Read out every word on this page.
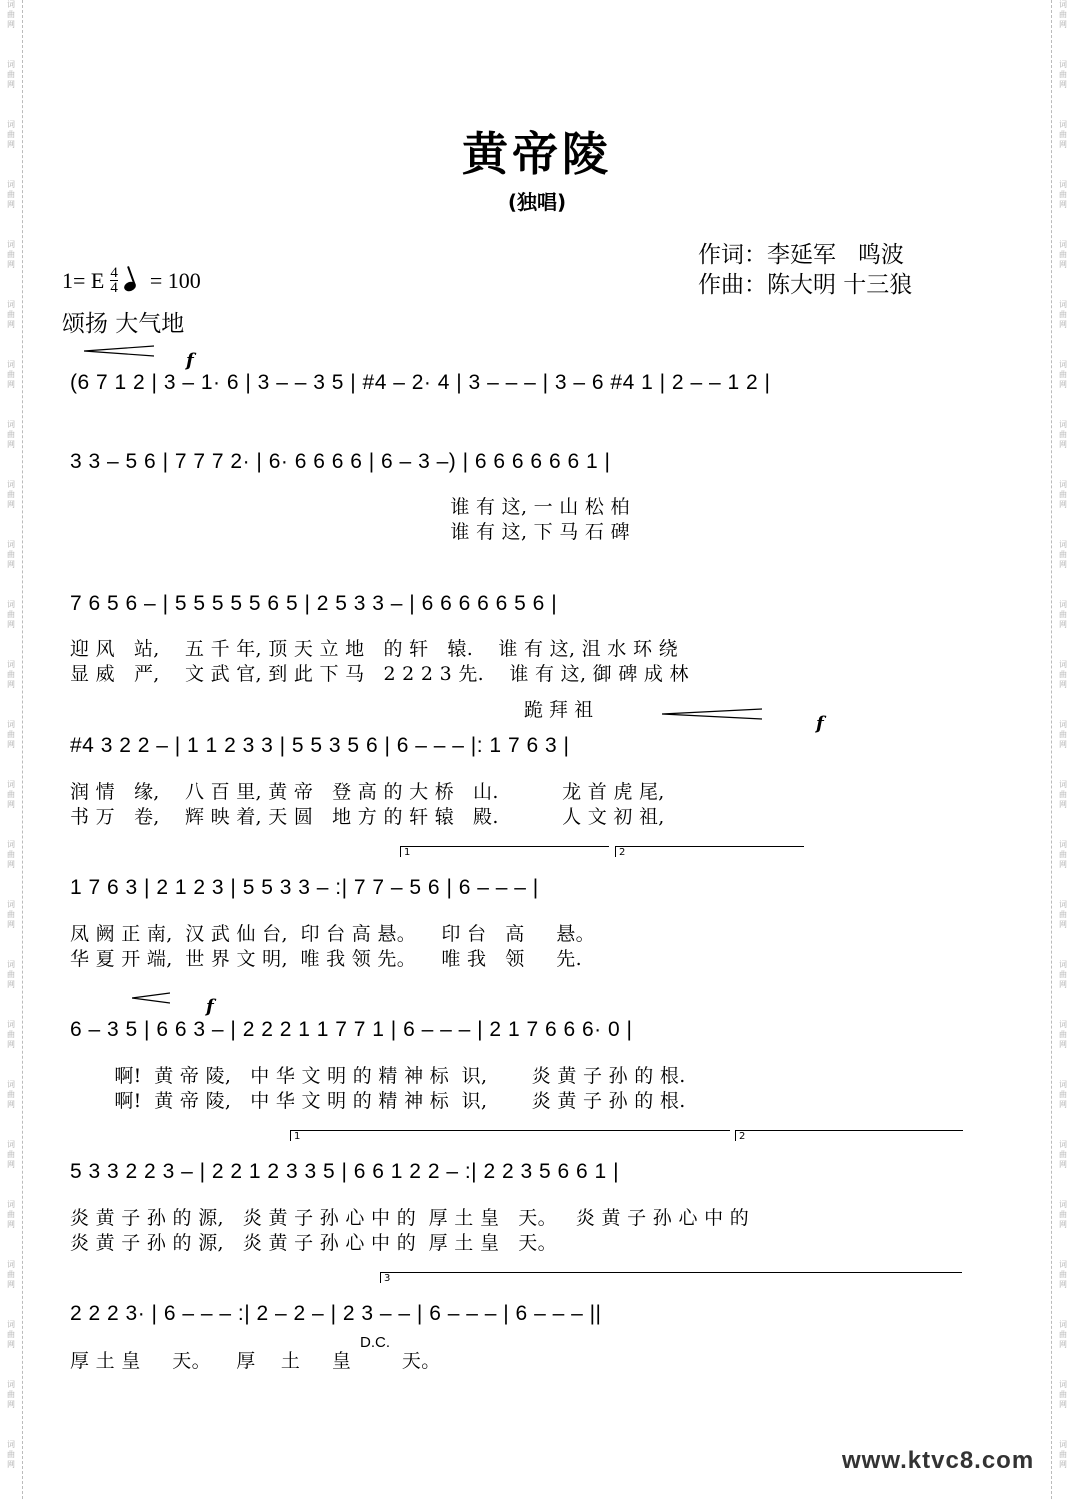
词 曲 网
词 曲 网
词 曲 网
词 曲 网
词 曲 网
词 曲 网
词 曲 网
词 曲 网
词 曲 网
词 曲 网
词 曲 网
词 曲 网
词 曲 网
词 曲 网
词 曲 网
词 曲 网
词 曲 网
词 曲 网
词 曲 网
词 曲 网
词 曲 网
词 曲 网
词 曲 网
词 曲 网
词 曲 网
词 曲 网
词 曲 网
词 曲 网
词 曲 网
词 曲 网
词 曲 网
词 曲 网
词 曲 网
词 曲 网
词 曲 网
词 曲 网
词 曲 网
词 曲 网
词 曲 网
词 曲 网
词 曲 网
词 曲 网
词 曲 网
词 曲 网
词 曲 网
词 曲 网
词 曲 网
词 曲 网
词 曲 网
词 曲 网
黄帝陵
(独唱)
作词：李延军   鸣波
作曲：陈大明 十三狼
1= E $\frac{4}{4} = 100$
颂扬 大气地
f
(6 7 1 2 | 3 – 1· 6 | 3 – – 3 5 | #4 – 2· 4 | 3 – – – | 3 – 6 #4 1 | 2 – – 1 2 |
3 3 – 5 6 | 7 7 7 2· | 6· 6 6 6 6 | 6 – 3 –) | 6 6 6 6 6 6 1 |
谁 有 这, 一 山 松 柏
谁 有 这, 下 马 石 碑
7 6 5 6 – | 5 5 5 5 5 6 5 | 2 5 3 3 – | 6 6 6 6 6 5 6 |
迎 风   站,    五 千 年, 顶 天 立 地   的 轩   辕.    谁 有 这, 沮 水 环 绕
显 威   严,    文 武 官, 到 此 下 马   2 2 2 3 先.    谁 有 这, 御 碑 成 林
跪 拜 祖
f
#4 3 2 2 – | 1 1 2 3 3 | 5 5 3 5 6 | 6 – – – |: 1 7 6 3 |
润 情   缘,    八 百 里, 黄 帝   登 高 的 大 桥   山.          龙 首 虎 尾,
书 万   卷,    辉 映 着, 天 圆   地 方 的 轩 辕   殿.          人 文 初 祖,
1	2
1 7 6 3 | 2 1 2 3 | 5 5 3 3 – :| 7 7 – 5 6 | 6 – – – |
凤 阙 正 南,  汉 武 仙 台,  印 台 高 悬。    印 台   高     悬。
华 夏 开 端,  世 界 文 明,  唯 我 领 先。    唯 我   领     先.
f
6 – 3 5 | 6 6 3 – | 2 2 2 1 1 7 7 1 | 6 – – – | 2 1 7 6 6 6· 0 |
啊!  黄 帝 陵,   中 华 文 明 的 精 神 标  识,       炎 黄 子 孙 的 根.
啊!  黄 帝 陵,   中 华 文 明 的 精 神 标  识,       炎 黄 子 孙 的 根.
1	2
5 3 3 2 2 3 – | 2 2 1 2 3 3 5 | 6 6 1 2 2 – :| 2 2 3 5 6 6 1 |
炎 黄 子 孙 的 源,   炎 黄 子 孙 心 中 的  厚 土 皇   天。   炎 黄 子 孙 心 中 的
炎 黄 子 孙 的 源,   炎 黄 子 孙 心 中 的  厚 土 皇   天。
3
2 2 2 3· | 6 – – – :| 2 – 2 – | 2 3 – – | 6 – – – | 6 – – – ||
D.C.
厚 土 皇     天。    厚    土     皇        天。
www.ktvc8.com
